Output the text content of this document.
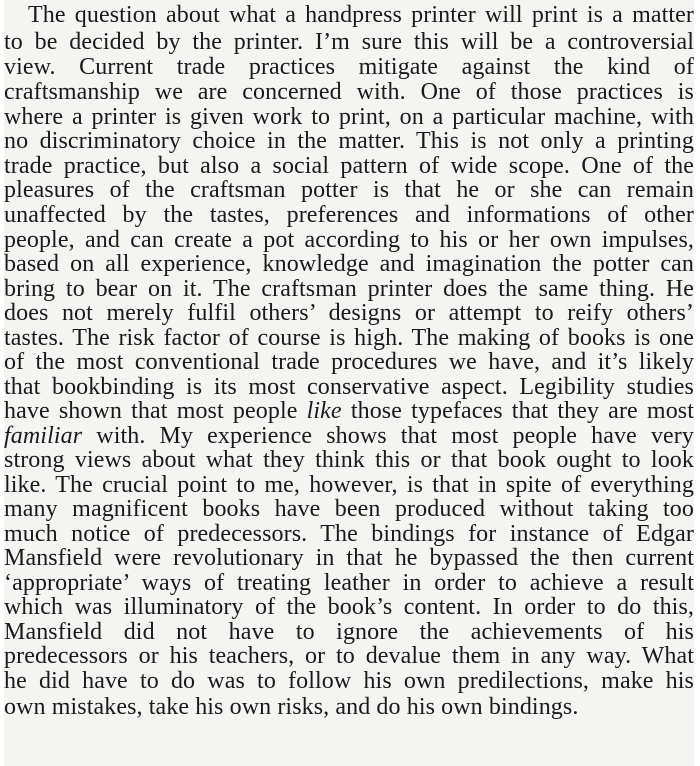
The question about what a handpress printer will print is a matter

to be decided by the printer. I’m sure this will be a controversial

view. Current trade practices mitigate against the kind of

craftsmanship we are concerned with. One of those practices is

where a printer is given work to print, on a particular machine, with

no discriminatory choice in the matter. This is not only a printing

trade practice, but also a social pattern of wide scope. One of the

pleasures of the craftsman potter is that he or she can remain

unaffected by the tastes, preferences and informations of other

people, and can create a pot according to his or her own impulses,

based on all experience, knowledge and imagination the potter can

bring to bear on it. The craftsman printer does the same thing. He

does not merely fulfil others’ designs or attempt to reify others’

tastes. The risk factor of course is high. The making of books is one

of the most conventional trade procedures we have, and it’s likely

that bookbinding is its most conservative aspect. Legibility studies

have shown that most people like those typefaces that they are most

familiar with. My experience shows that most people have very

strong views about what they think this or that book ought to look

like. The crucial point to me, however, is that in spite of everything

many magnificent books have been produced without taking too

much notice of predecessors. The bindings for instance of Edgar

Mansfield were revolutionary in that he bypassed the then current

‘appropriate’ ways of treating leather in order to achieve a result

which was illuminatory of the book’s content. In order to do this,

Mansfield did not have to ignore the achievements of his

predecessors or his teachers, or to devalue them in any way. What

he did have to do was to follow his own predilections, make his

own mistakes, take his own risks, and do his own bindings.
